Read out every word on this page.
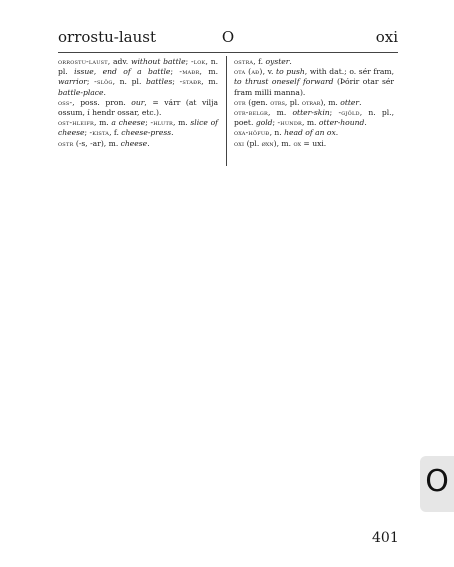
orrostu-laust	O	oxi

orrostu-laust, adv. without battle; -lok, n. pl. issue, end of a battle; -maðr, m. warrior; -slög, n. pl. battles; -staðr, m. battle-place.

oss-, poss. pron. our, = várr (at vilja ossum, í hendr ossar, etc.).

ost-hleifr, m. a cheese; -hlutr, m. slice of cheese; -kista, f. cheese-press.

ostr (-s, -ar), m. cheese.

ostra, f. oyster.

ota (að), v. to push, with dat.; o. sér fram, to thrust oneself forward (Þórir otar sér fram milli manna).

otr (gen. otrs, pl. otrar), m. otter.

otr-belgr, m. otter-skin; -gjöld, n. pl., poet. gold; -hundr, m. otter-hound.

oxa-höfuð, n. head of an ox.

oxi (pl. øxn), m. ox = uxi.

O
401
